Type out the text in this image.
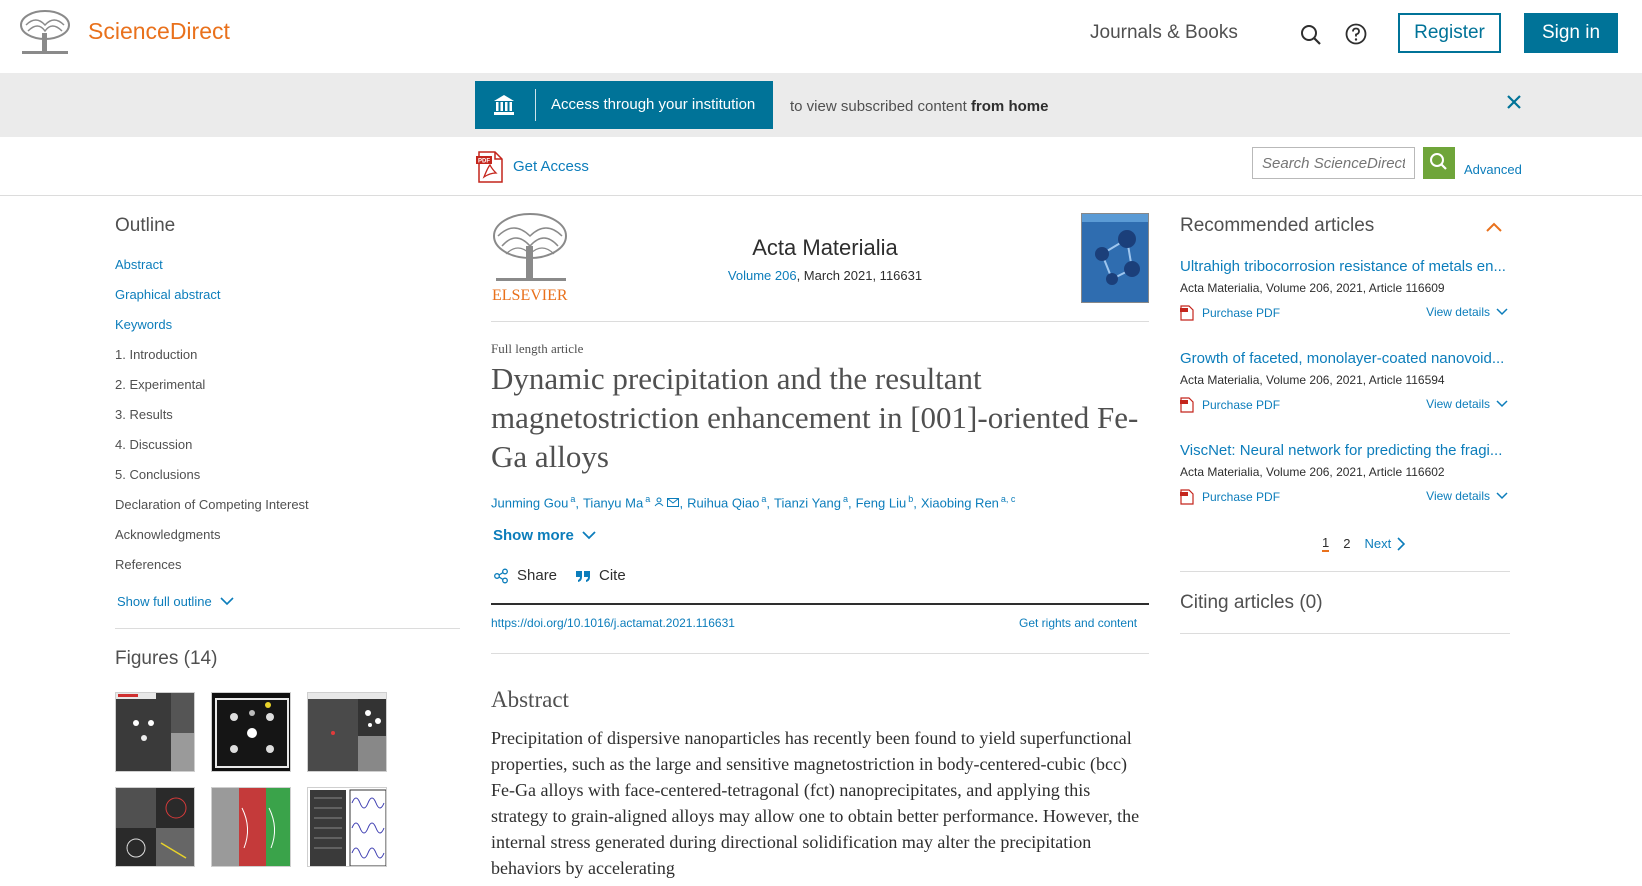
ScienceDirect	Journals & Books	Register	Sign in
Access through your institution to view subscribed content from home
PDF Get Access
Search ScienceDirect	Advanced
Outline
Abstract
Graphical abstract
Keywords
1. Introduction
2. Experimental
3. Results
4. Discussion
5. Conclusions
Declaration of Competing Interest
Acknowledgments
References
Show full outline
Figures (14)
ELSEVIER
Acta Materialia
Volume 206, March 2021, 116631
Full length article
Dynamic precipitation and the resultant magnetostriction enhancement in [001]-oriented Fe-Ga alloys
Junming Gou $^a$, Tianyu Ma $^a$ , Ruihua Qiao $^a$, Tianzi Yang $^a$, Feng Liu $^b$, Xiaobing Ren $^{a, c}$
Show more
Share	Cite
https://doi.org/10.1016/j.actamat.2021.116631	Get rights and content
Abstract
Precipitation of dispersive nanoparticles has recently been found to yield superfunctional properties, such as the large and sensitive magnetostriction in body-centered-cubic (bcc) Fe-Ga alloys with face-centered-tetragonal (fct) nanoprecipitates, and applying this strategy to grain-aligned alloys may allow one to obtain better performance. However, the internal stress generated during directional solidification may alter the precipitation behaviors by accelerating
Recommended articles
Ultrahigh tribocorrosion resistance of metals en...
Acta Materialia, Volume 206, 2021, Article 116609
Purchase PDF	View details
Growth of faceted, monolayer-coated nanovoid...
Acta Materialia, Volume 206, 2021, Article 116594
Purchase PDF	View details
ViscNet: Neural network for predicting the fragi...
Acta Materialia, Volume 206, 2021, Article 116602
Purchase PDF	View details
1 2 Next
Citing articles (0)
